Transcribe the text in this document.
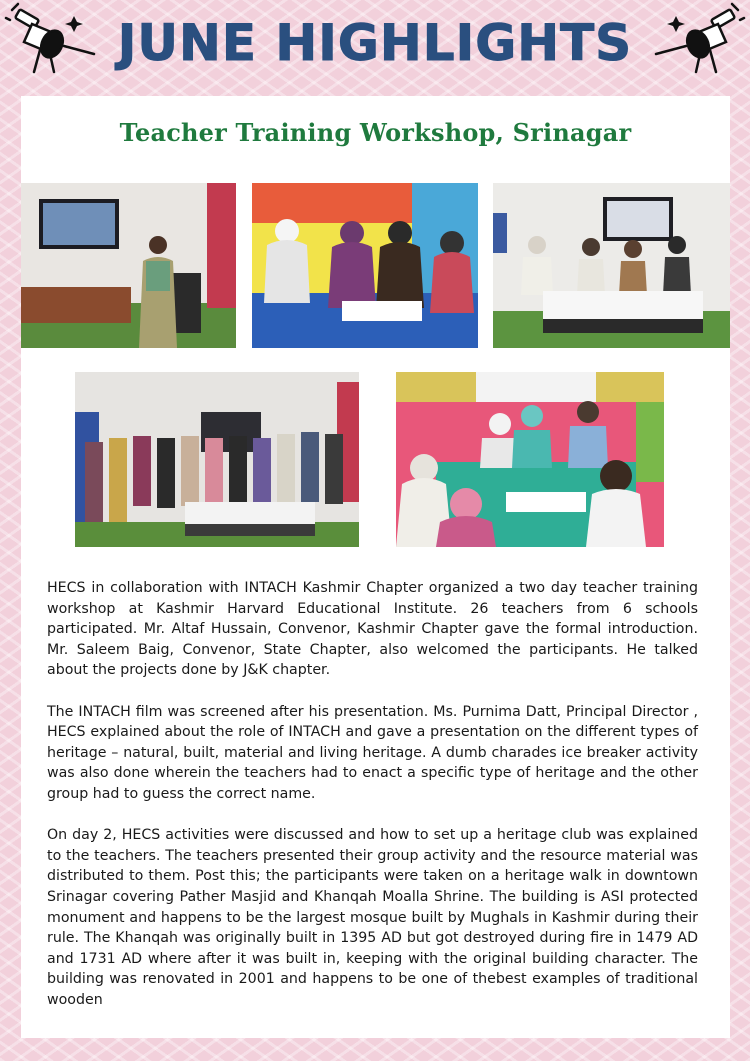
JUNE HIGHLIGHTS
Teacher Training Workshop, Srinagar

HECS in collaboration with INTACH Kashmir Chapter organized a two day teacher training workshop at Kashmir Harvard Educational Institute. 26 teachers from 6 schools participated. Mr. Altaf Hussain, Convenor, Kashmir Chapter gave the formal introduction. Mr. Saleem Baig, Convenor, State Chapter, also welcomed the participants. He talked about the projects done by J&K chapter.

The INTACH film was screened after his presentation. Ms. Purnima Datt, Principal Director , HECS explained about the role of INTACH and gave a presentation on the different types of heritage – natural, built, material and living heritage. A dumb charades ice breaker activity was also done wherein the teachers had to enact a specific type of heritage and the other group had to guess the correct name.

On day 2, HECS activities were discussed and how to set up a heritage club was explained to the teachers. The teachers presented their group activity and the resource material was distributed to them. Post this; the participants were taken on a heritage walk in downtown Srinagar covering Pather Masjid and Khanqah Moalla Shrine. The building is ASI protected monument and happens to be the largest mosque built by Mughals in Kashmir during their rule. The Khanqah was originally built in 1395 AD but got destroyed during fire in 1479 AD and 1731 AD where after it was built in, keeping with the original building character. The building was renovated in 2001 and happens to be one of thebest examples of traditional wooden
